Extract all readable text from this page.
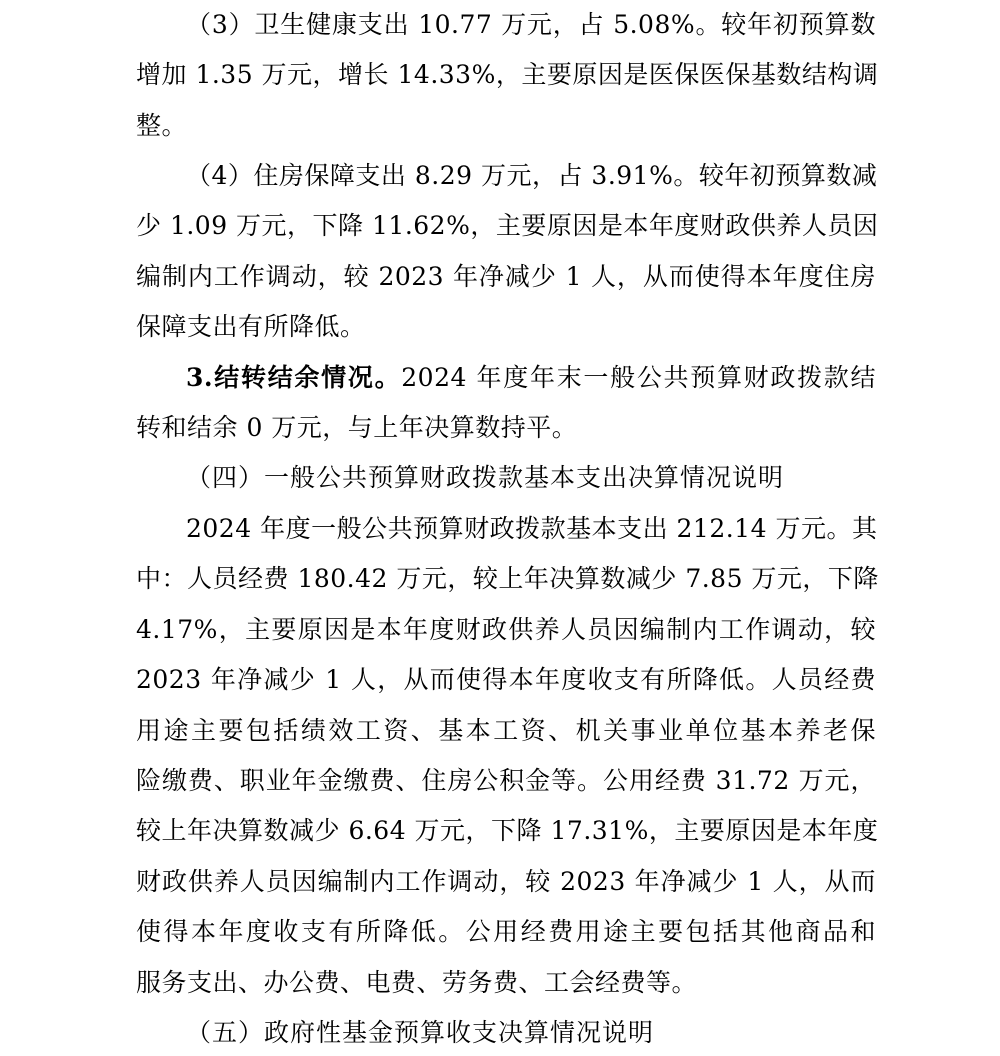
（3）卫生健康支出 10.77 万元，占 5.08%。较年初预算数
增加 1.35 万元，增长 14.33%，主要原因是医保医保基数结构调
整。
（4）住房保障支出 8.29 万元，占 3.91%。较年初预算数减
少 1.09 万元，下降 11.62%，主要原因是本年度财政供养人员因
编制内工作调动，较 2023 年净减少 1 人，从而使得本年度住房
保障支出有所降低。
3.结转结余情况。2024 年度年末一般公共预算财政拨款结
转和结余 0 万元，与上年决算数持平。
（四）一般公共预算财政拨款基本支出决算情况说明
2024 年度一般公共预算财政拨款基本支出 212.14 万元。其
中：人员经费 180.42 万元，较上年决算数减少 7.85 万元，下降
4.17%，主要原因是本年度财政供养人员因编制内工作调动，较
2023 年净减少 1 人，从而使得本年度收支有所降低。人员经费
用途主要包括绩效工资、基本工资、机关事业单位基本养老保
险缴费、职业年金缴费、住房公积金等。公用经费 31.72 万元，
较上年决算数减少 6.64 万元，下降 17.31%，主要原因是本年度
财政供养人员因编制内工作调动，较 2023 年净减少 1 人，从而
使得本年度收支有所降低。公用经费用途主要包括其他商品和
服务支出、办公费、电费、劳务费、工会经费等。
（五）政府性基金预算收支决算情况说明
